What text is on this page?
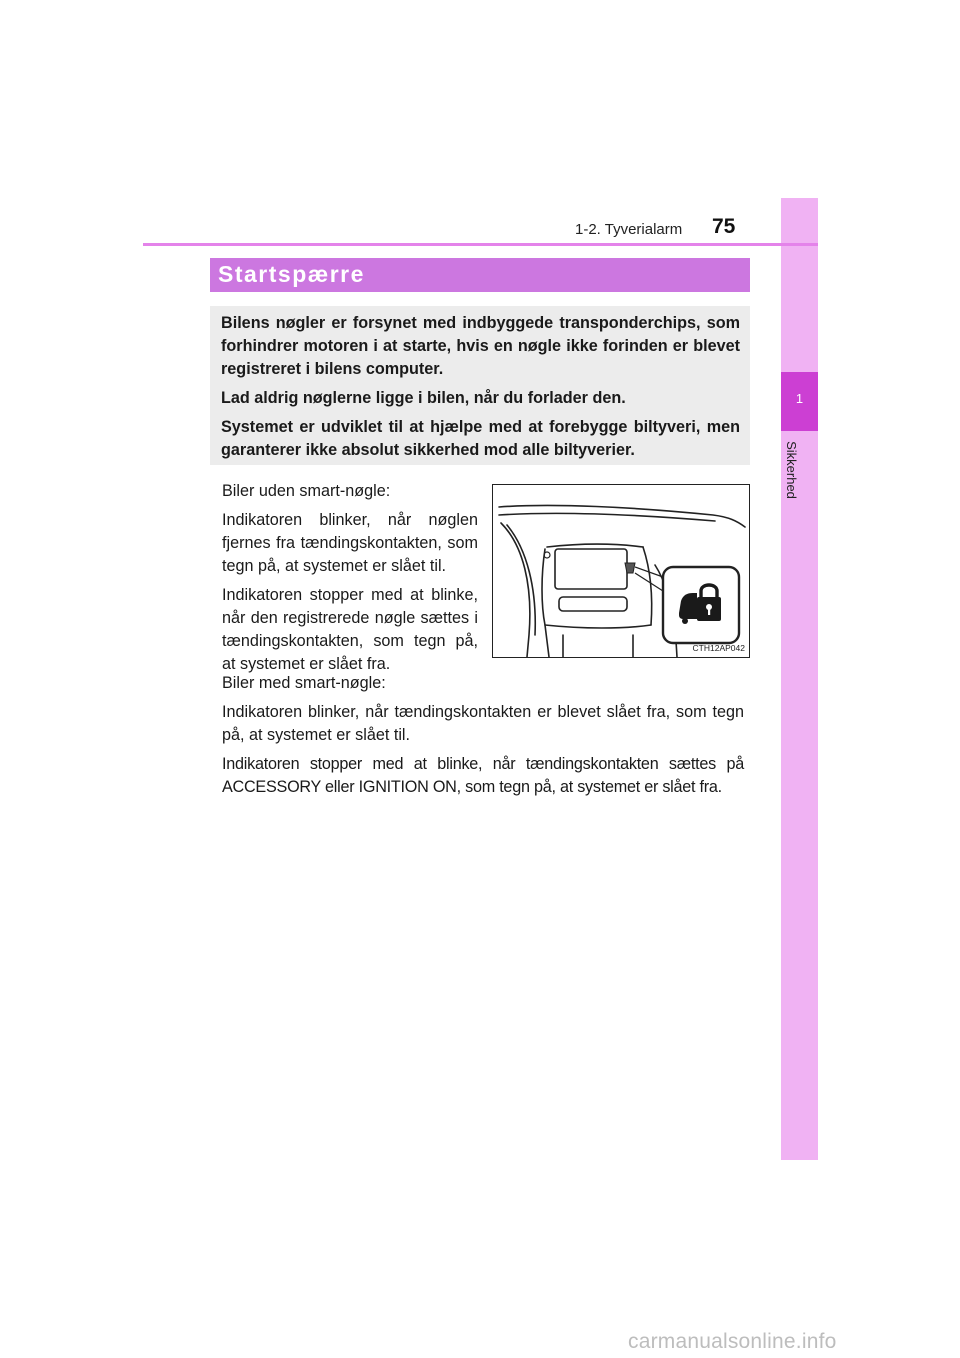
1
Sikkerhed
1-2. Tyverialarm 75
Startspærre

Bilens nøgler er forsynet med indbyggede transponderchips, som forhindrer motoren i at starte, hvis en nøgle ikke forinden er blevet registreret i bilens computer.

Lad aldrig nøglerne ligge i bilen, når du forlader den.

Systemet er udviklet til at hjælpe med at forebygge biltyveri, men garanterer ikke absolut sikkerhed mod alle biltyverier.

Biler uden smart-nøgle:

Indikatoren blinker, når nøglen fjernes fra tændingskontakten, som tegn på, at systemet er slået til.

Indikatoren stopper med at blinke, når den registrerede nøgle sættes i tændingskontakten, som tegn på, at systemet er slået fra.

CTH12AP042

Biler med smart-nøgle:

Indikatoren blinker, når tændingskontakten er blevet slået fra, som tegn på, at systemet er slået til.

Indikatoren stopper med at blinke, når tændingskontakten sættes på ACCESSORY eller IGNITION ON, som tegn på, at systemet er slået fra.

carmanualsonline.info
